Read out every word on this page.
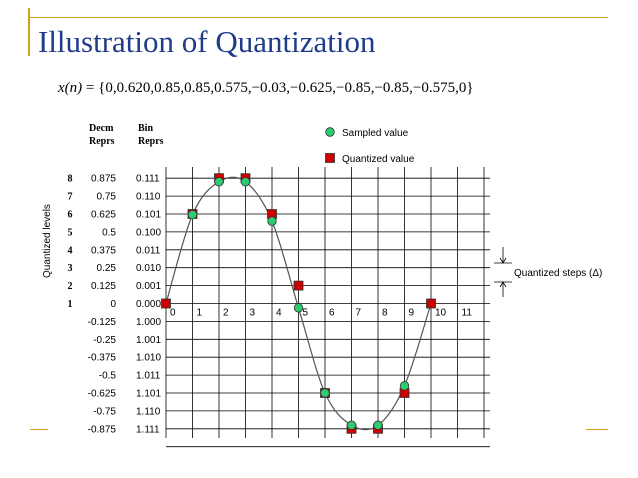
Illustration of Quantization
x(n) = {0,0.620,0.85,0.85,0.575,−0.03,−0.625,−0.85,−0.85,−0.575,0}
Decm
Reprs
Bin
Reprs
Quantized levels
8
7
6
5
4
3
2
1
0.875
0.75
0.625
0.5
0.375
0.25
0.125
0
-0.125
-0.25
-0.375
-0.5
-0.625
-0.75
-0.875
0.111
0.110
0.101
0.100
0.011
0.010
0.001
0.000
1.000
1.001
1.010
1.011
1.101
1.110
1.111
0 1 2 3 4 5 6 7 8 9 10 11
Sampled value
Quantized value
Quantized steps (Δ)
